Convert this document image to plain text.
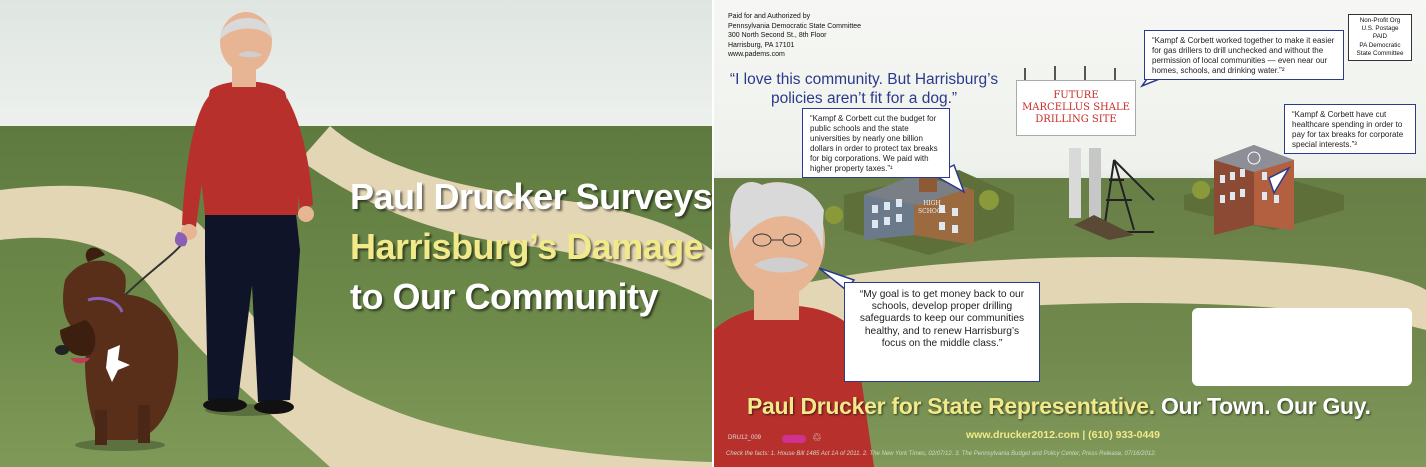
Paul Drucker Surveys
Harrisburg’s Damage
to Our Community
Paid for and Authorized by
Pennsylvania Democratic State Committee
300 North Second St., 8th Floor
Harrisburg, PA 17101
www.padems.com
Non-Profit Org
U.S. Postage
PAID
PA Democratic
State Committee
“I love this community. But Harrisburg’s
policies aren’t fit for a dog.”	FUTURE
MARCELLUS SHALE
DRILLING SITE
HIGH
SCHOOL
“Kampf & Corbett worked together to make it easier for gas drillers to drill unchecked and without the permission of local communities — even near our homes, schools, and drinking water.”²
“Kampf & Corbett cut the budget for public schools and the state universities by nearly one billion dollars in order to protect tax breaks for big corporations. We paid with higher property taxes.”¹
“Kampf & Corbett have cut healthcare spending in order to pay for tax breaks for corporate special interests.”³
“My goal is to get money back to our schools, develop proper drilling safeguards to keep our communities healthy, and to renew Harrisburg’s focus on the middle class.”
Paul Drucker for State Representative. Our Town. Our Guy.
www.drucker2012.com | (610) 933-0449
DRU12_009	♲
Check the facts: 1. House Bill 1485 Act 1A of 2011. 2. The New York Times, 02/07/12. 3. The Pennsylvania Budget and Policy Center, Press Release, 07/16/2012.
